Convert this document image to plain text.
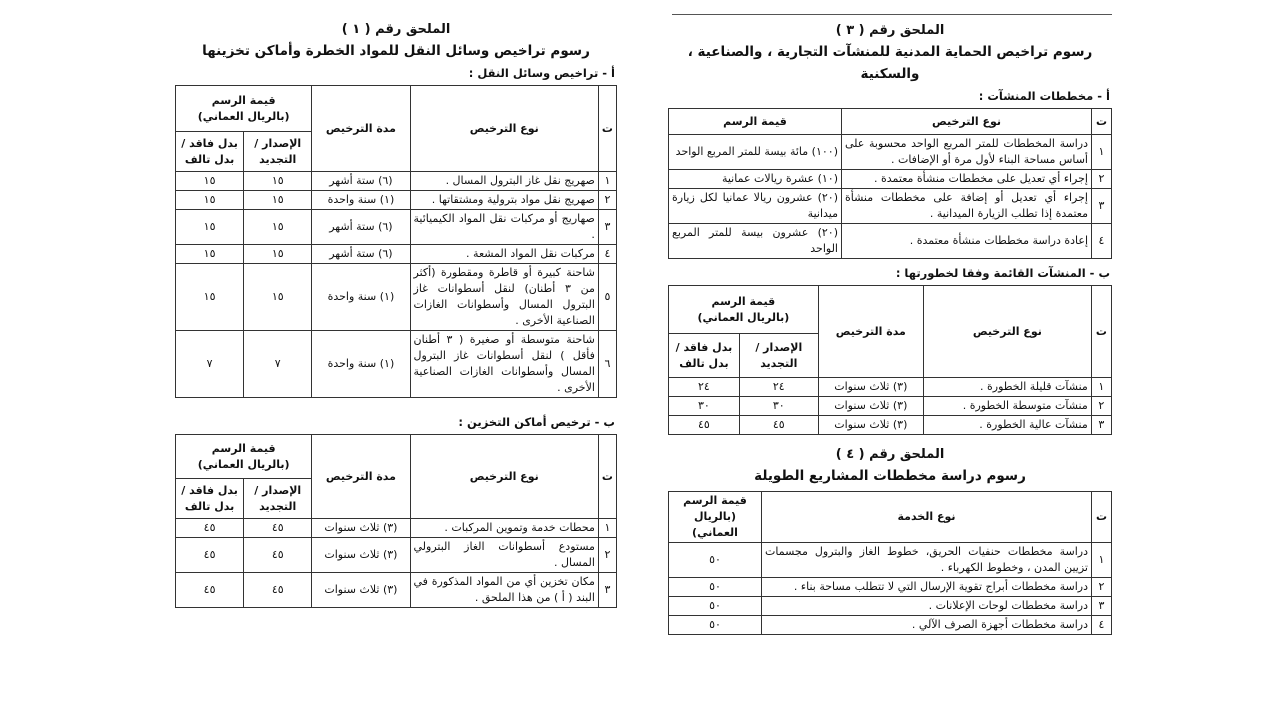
الملحق رقم ( ١ )
رسوم تراخيص وسائل النقل للمواد الخطرة وأماكن تخزينها
أ - تراخيص وسائل النقل :
ت	نوع الترخيص	مدة الترخيص	قيمة الرسم
(بالريال العماني)	

			الإصدار / التجديد	بدل فاقد / بدل تالف
١	صهريج نقل غاز البترول المسال .	(٦) ستة أشهر	١٥	١٥
٢	صهريج نقل مواد بترولية ومشتقاتها .	(١) سنة واحدة	١٥	١٥
٣	صهاريج أو مركبات نقل المواد الكيميائية .	(٦) ستة أشهر	١٥	١٥
٤	مركبات نقل المواد المشعة .	(٦) ستة أشهر	١٥	١٥
٥	شاحنة كبيرة أو قاطرة ومقطورة (أكثر من ٣ أطنان) لنقل أسطوانات غاز البترول المسال وأسطوانات الغازات الصناعية الأخرى .	(١) سنة واحدة	١٥	١٥
٦	شاحنة متوسطة أو صغيرة ( ٣ أطنان فأقل ) لنقل أسطوانات غاز البترول المسال وأسطوانات الغازات الصناعية الأخرى .	(١) سنة واحدة	٧	٧
ب - ترخيص أماكن التخزين :
ت	نوع الترخيص	مدة الترخيص	قيمة الرسم
(بالريال العماني)	

			الإصدار / التجديد	بدل فاقد / بدل تالف
١	محطات خدمة وتموين المركبات .	(٣) ثلاث سنوات	٤٥	٤٥
٢	مستودع أسطوانات الغاز البترولي المسال .	(٣) ثلاث سنوات	٤٥	٤٥
٣	مكان تخزين أي من المواد المذكورة في البند ( أ ) من هذا الملحق .	(٣) ثلاث سنوات	٤٥	٤٥
الملحق رقم ( ٣ )
رسوم تراخيص الحماية المدنية للمنشآت التجارية ، والصناعية ، والسكنية
أ - مخططات المنشآت :
ت	نوع الترخيص	قيمة الرسم
١	دراسة المخططات للمتر المربع الواحد محسوبة على أساس مساحة البناء لأول مرة أو الإضافات .	(١٠٠) مائة بيسة للمتر المربع الواحد
٢	إجراء أي تعديل على مخططات منشأة معتمدة .	(١٠) عشرة ريالات عمانية
٣	إجراء أي تعديل أو إضافة على مخططات منشأة معتمدة إذا تطلب الزيارة الميدانية .	(٢٠) عشرون ريالا عمانيا لكل زيارة ميدانية
٤	إعادة دراسة مخططات منشأة معتمدة .	(٢٠) عشرون بيسة للمتر المربع الواحد
ب - المنشآت القائمة وفقا لخطورتها :
ت	نوع الترخيص	مدة الترخيص	قيمة الرسم
(بالريال العماني)	

			الإصدار / التجديد	بدل فاقد / بدل تالف
١	منشآت قليلة الخطورة .	(٣) ثلاث سنوات	٢٤	٢٤
٢	منشآت متوسطة الخطورة .	(٣) ثلاث سنوات	٣٠	٣٠
٣	منشآت عالية الخطورة .	(٣) ثلاث سنوات	٤٥	٤٥
الملحق رقم ( ٤ )
رسوم دراسة مخططات المشاريع الطويلة
ت	نوع الخدمة	قيمة الرسم
(بالريال العماني)

١	دراسة مخططات حنفيات الحريق، خطوط الغاز والبترول مجسمات تزيين المدن ، وخطوط الكهرباء .	٥٠
٢	دراسة مخططات أبراج تقوية الإرسال التي لا تتطلب مساحة بناء .	٥٠
٣	دراسة مخططات لوحات الإعلانات .	٥٠
٤	دراسة مخططات أجهزة الصرف الآلي .	٥٠
